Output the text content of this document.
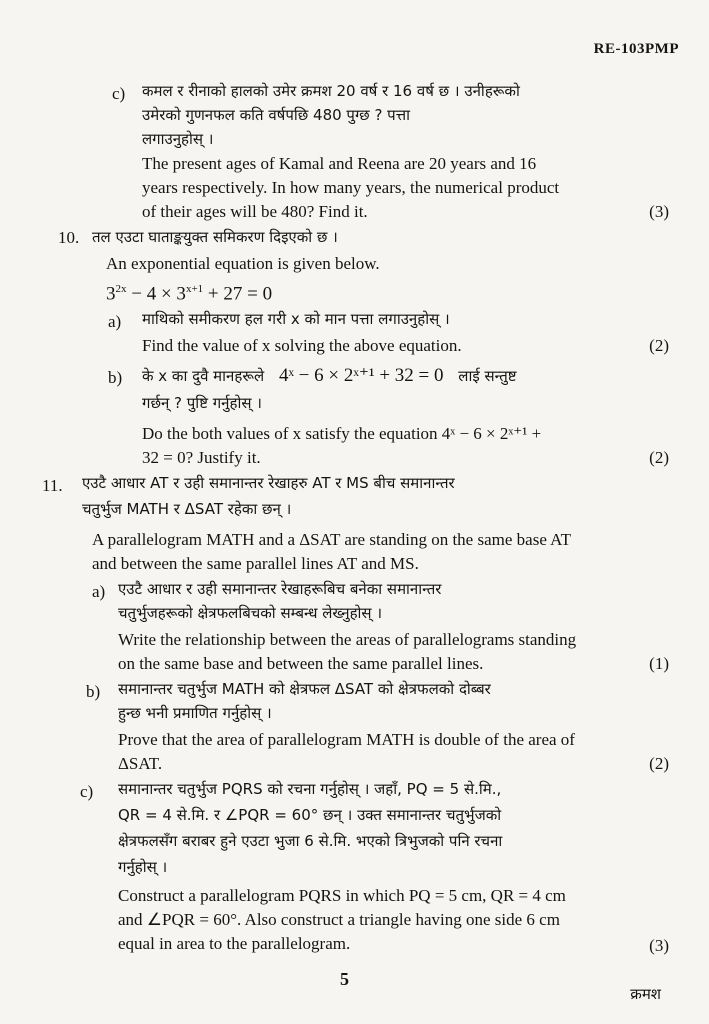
RE-103PMP
c) कमल र रीनाको हालको उमेर क्रमश 20 वर्ष र 16 वर्ष छ । उनीहरूको
उमेरको गुणनफल कति वर्षपछि 480 पुग्छ ? पत्ता
लगाउनुहोस् ।
The present ages of Kamal and Reena are 20 years and 16
years respectively. In how many years, the numerical product
of their ages will be 480? Find it.	(3)
10. तल एउटा घाताङ्कयुक्त समिकरण दिइएको छ ।
An exponential equation is given below.
$3^{2x} - 4 \times 3^{x+1} + 27 = 0$
a) माथिको समीकरण हल गरी x को मान पत्ता लगाउनुहोस् ।
Find the value of x solving the above equation.	(2)
b) के x का दुवै मानहरूले 4ˣ − 6 × 2ˣ⁺¹ + 32 = 0 लाई सन्तुष्ट
गर्छन् ? पुष्टि गर्नुहोस् ।
Do the both values of x satisfy the equation 4ˣ − 6 × 2ˣ⁺¹ +
32 = 0? Justify it.	(2)
11. एउटै आधार AT र उही समानान्तर रेखाहरु AT र MS बीच समानान्तर
चतुर्भुज MATH र ΔSAT रहेका छन् ।
A parallelogram MATH and a ΔSAT are standing on the same base AT
and between the same parallel lines AT and MS.
a) एउटै आधार र उही समानान्तर रेखाहरूबिच बनेका समानान्तर
चतुर्भुजहरूको क्षेत्रफलबिचको सम्बन्ध लेख्नुहोस् ।
Write the relationship between the areas of parallelograms standing
on the same base and between the same parallel lines.	(1)
b) समानान्तर चतुर्भुज MATH को क्षेत्रफल ΔSAT को क्षेत्रफलको दोब्बर
हुन्छ भनी प्रमाणित गर्नुहोस् ।
Prove that the area of parallelogram MATH is double of the area of
ΔSAT.	(2)
c) समानान्तर चतुर्भुज PQRS को रचना गर्नुहोस् । जहाँ, PQ = 5 से.मि.,
QR = 4 से.मि. र ∠PQR = 60° छन् । उक्त समानान्तर चतुर्भुजको
क्षेत्रफलसँग बराबर हुने एउटा भुजा 6 से.मि. भएको त्रिभुजको पनि रचना
गर्नुहोस् ।
Construct a parallelogram PQRS in which PQ = 5 cm, QR = 4 cm
and ∠PQR = 60°. Also construct a triangle having one side 6 cm
equal in area to the parallelogram.	(3)
5
क्रमश
